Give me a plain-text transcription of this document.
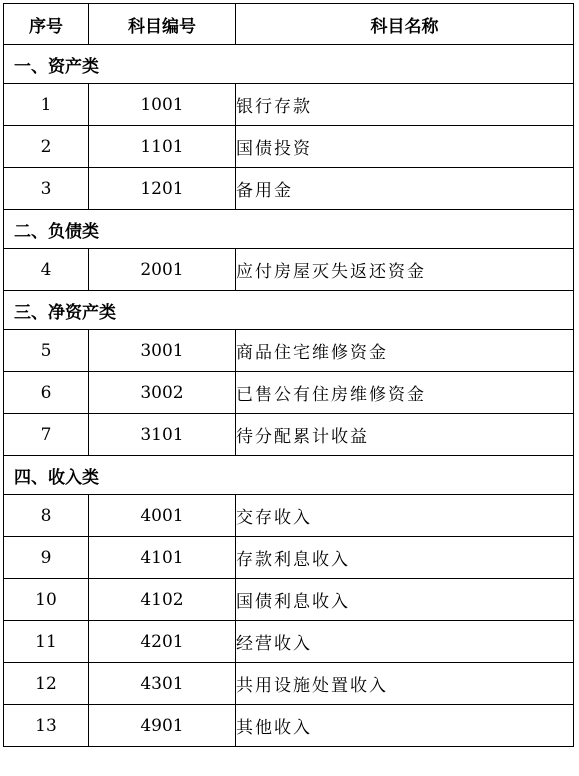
序号	科目编号	科目名称
一、资产类		
1	1001	银行存款
2	1101	国债投资
3	1201	备用金
二、负债类		
4	2001	应付房屋灭失返还资金
三、净资产类		
5	3001	商品住宅维修资金
6	3002	已售公有住房维修资金
7	3101	待分配累计收益
四、收入类		
8	4001	交存收入
9	4101	存款利息收入
10	4102	国债利息收入
11	4201	经营收入
12	4301	共用设施处置收入
13	4901	其他收入
